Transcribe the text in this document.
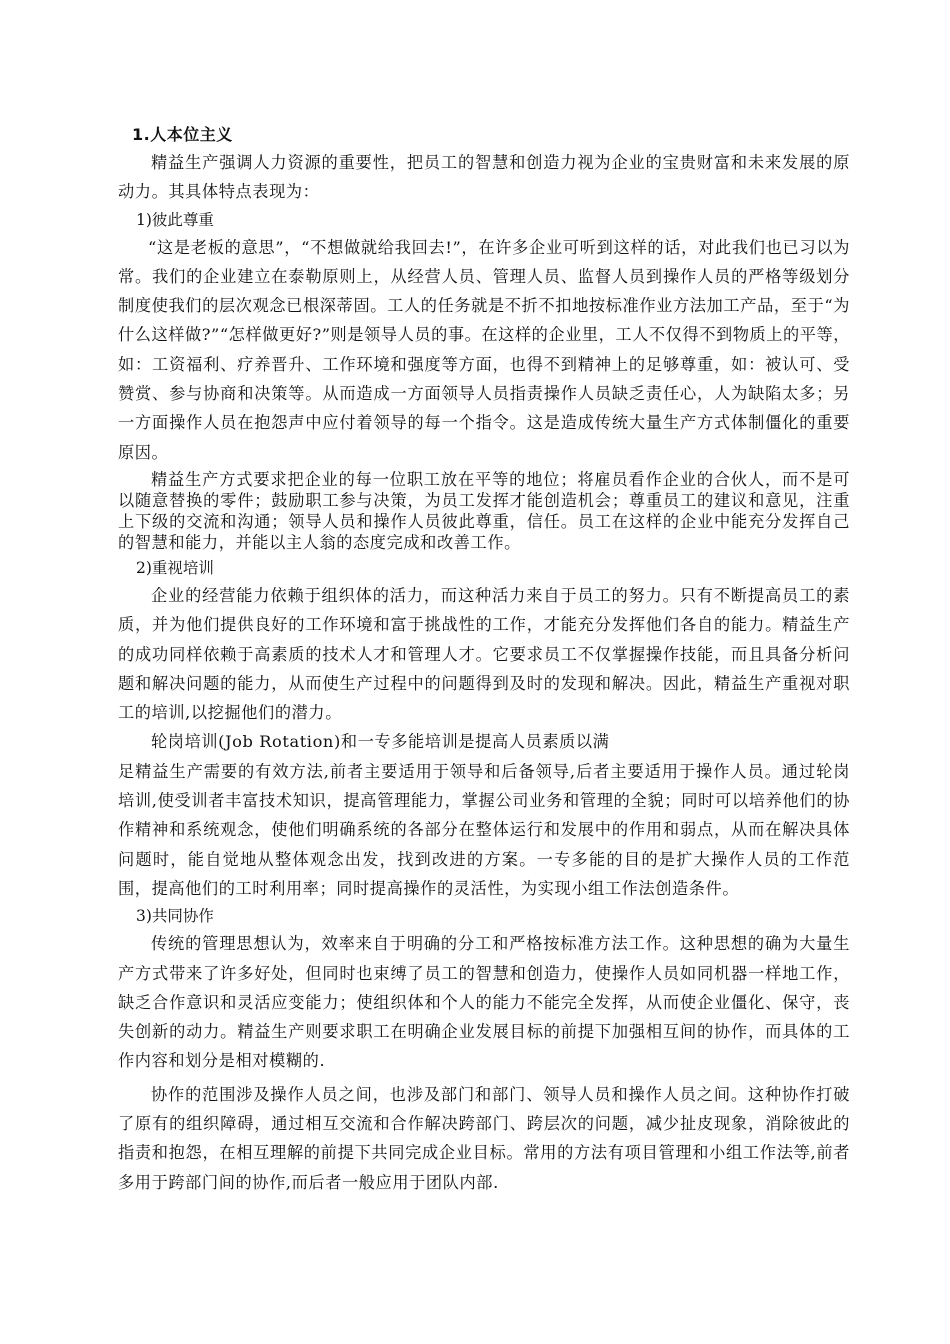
1.人本位主义

精益生产强调人力资源的重要性，把员工的智慧和创造力视为企业的宝贵财富和未来发展的原动力。其具体特点表现为：

1)彼此尊重

“这是老板的意思”，“不想做就给我回去!”，在许多企业可听到这样的话，对此我们也已习以为常。我们的企业建立在泰勒原则上，从经营人员、管理人员、监督人员到操作人员的严格等级划分制度使我们的层次观念已根深蒂固。工人的任务就是不折不扣地按标准作业方法加工产品，至于“为什么这样做?”“怎样做更好?”则是领导人员的事。在这样的企业里，工人不仅得不到物质上的平等，如：工资福利、疗养晋升、工作环境和强度等方面，也得不到精神上的足够尊重，如：被认可、受赞赏、参与协商和决策等。从而造成一方面领导人员指责操作人员缺乏责任心，人为缺陷太多；另一方面操作人员在抱怨声中应付着领导的每一个指令。这是造成传统大量生产方式体制僵化的重要原因。

精益生产方式要求把企业的每一位职工放在平等的地位；将雇员看作企业的合伙人，而不是可以随意替换的零件；鼓励职工参与决策，为员工发挥才能创造机会；尊重员工的建议和意见，注重上下级的交流和沟通；领导人员和操作人员彼此尊重，信任。员工在这样的企业中能充分发挥自己的智慧和能力，并能以主人翁的态度完成和改善工作。

2)重视培训

企业的经营能力依赖于组织体的活力，而这种活力来自于员工的努力。只有不断提高员工的素质，并为他们提供良好的工作环境和富于挑战性的工作，才能充分发挥他们各自的能力。精益生产的成功同样依赖于高素质的技术人才和管理人才。它要求员工不仅掌握操作技能，而且具备分析问题和解决问题的能力，从而使生产过程中的问题得到及时的发现和解决。因此，精益生产重视对职工的培训,以挖掘他们的潜力。

轮岗培训(Job Rotation)和一专多能培训是提高人员素质以满

足精益生产需要的有效方法,前者主要适用于领导和后备领导,后者主要适用于操作人员。通过轮岗培训,使受训者丰富技术知识，提高管理能力，掌握公司业务和管理的全貌；同时可以培养他们的协作精神和系统观念，使他们明确系统的各部分在整体运行和发展中的作用和弱点，从而在解决具体问题时，能自觉地从整体观念出发，找到改进的方案。一专多能的目的是扩大操作人员的工作范围，提高他们的工时利用率；同时提高操作的灵活性，为实现小组工作法创造条件。

3)共同协作

传统的管理思想认为，效率来自于明确的分工和严格按标准方法工作。这种思想的确为大量生产方式带来了许多好处，但同时也束缚了员工的智慧和创造力，使操作人员如同机器一样地工作，缺乏合作意识和灵活应变能力；使组织体和个人的能力不能完全发挥，从而使企业僵化、保守，丧失创新的动力。精益生产则要求职工在明确企业发展目标的前提下加强相互间的协作，而具体的工作内容和划分是相对模糊的.

协作的范围涉及操作人员之间，也涉及部门和部门、领导人员和操作人员之间。这种协作打破了原有的组织障碍，通过相互交流和合作解决跨部门、跨层次的问题，减少扯皮现象，消除彼此的指责和抱怨，在相互理解的前提下共同完成企业目标。常用的方法有项目管理和小组工作法等,前者多用于跨部门间的协作,而后者一般应用于团队内部.
